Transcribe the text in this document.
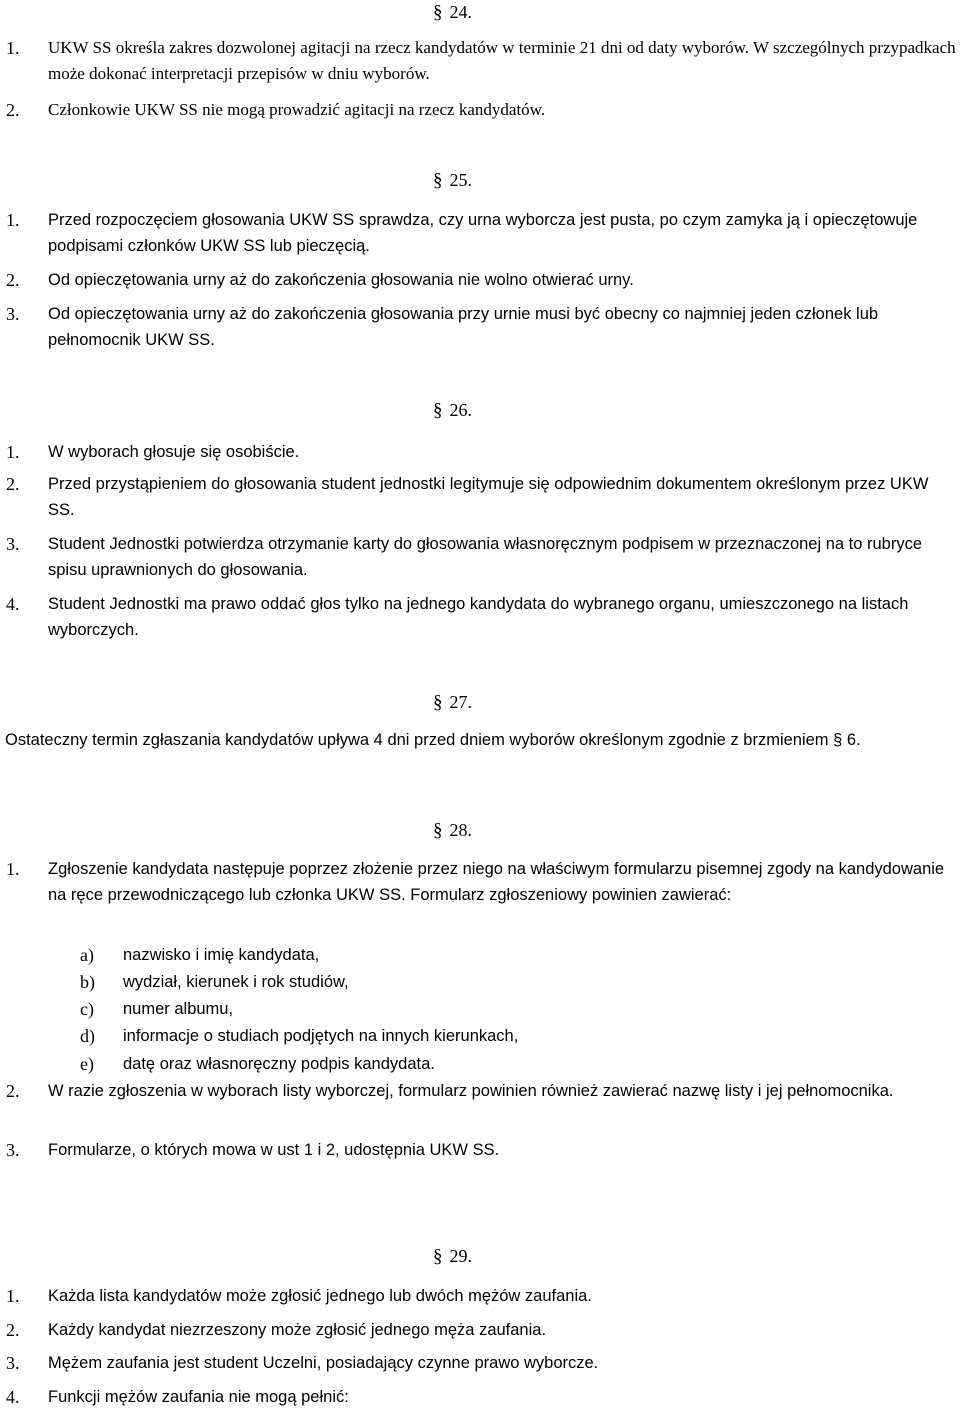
§ 24.
1. UKW SS określa zakres dozwolonej agitacji na rzecz kandydatów w terminie 21 dni od daty wyborów. W szczególnych przypadkach może dokonać interpretacji przepisów w dniu wyborów.
2. Członkowie UKW SS nie mogą prowadzić agitacji na rzecz kandydatów.
§ 25.
1. Przed rozpoczęciem głosowania UKW SS sprawdza, czy urna wyborcza jest pusta, po czym zamyka ją i opieczętowuje podpisami członków UKW SS lub pieczęcią.
2. Od opieczętowania urny aż do zakończenia głosowania nie wolno otwierać urny.
3. Od opieczętowania urny aż do zakończenia głosowania przy urnie musi być obecny co najmniej jeden członek lub pełnomocnik UKW SS.
§ 26.
1. W wyborach głosuje się osobiście.
2. Przed przystąpieniem do głosowania student jednostki legitymuje się odpowiednim dokumentem określonym przez UKW SS.
3. Student Jednostki potwierdza otrzymanie karty do głosowania własnoręcznym podpisem w przeznaczonej na to rubryce spisu uprawnionych do głosowania.
4. Student Jednostki ma prawo oddać głos tylko na jednego kandydata do wybranego organu, umieszczonego na listach wyborczych.
§ 27.
Ostateczny termin zgłaszania kandydatów upływa 4 dni przed dniem wyborów określonym zgodnie z brzmieniem § 6.
§ 28.
1. Zgłoszenie kandydata następuje poprzez złożenie przez niego na właściwym formularzu pisemnej zgody na kandydowanie na ręce przewodniczącego lub członka UKW SS. Formularz zgłoszeniowy powinien zawierać:
a) nazwisko i imię kandydata,
b) wydział, kierunek i rok studiów,
c) numer albumu,
d) informacje o studiach podjętych na innych kierunkach,
e) datę oraz własnoręczny podpis kandydata.
2. W razie zgłoszenia w wyborach listy wyborczej, formularz powinien również zawierać nazwę listy i jej pełnomocnika.
3. Formularze, o których mowa w ust 1 i 2, udostępnia UKW SS.
§ 29.
1. Każda lista kandydatów może zgłosić jednego lub dwóch mężów zaufania.
2. Każdy kandydat niezrzeszony może zgłosić jednego męża zaufania.
3. Mężem zaufania jest student Uczelni, posiadający czynne prawo wyborcze.
4. Funkcji mężów zaufania nie mogą pełnić:
